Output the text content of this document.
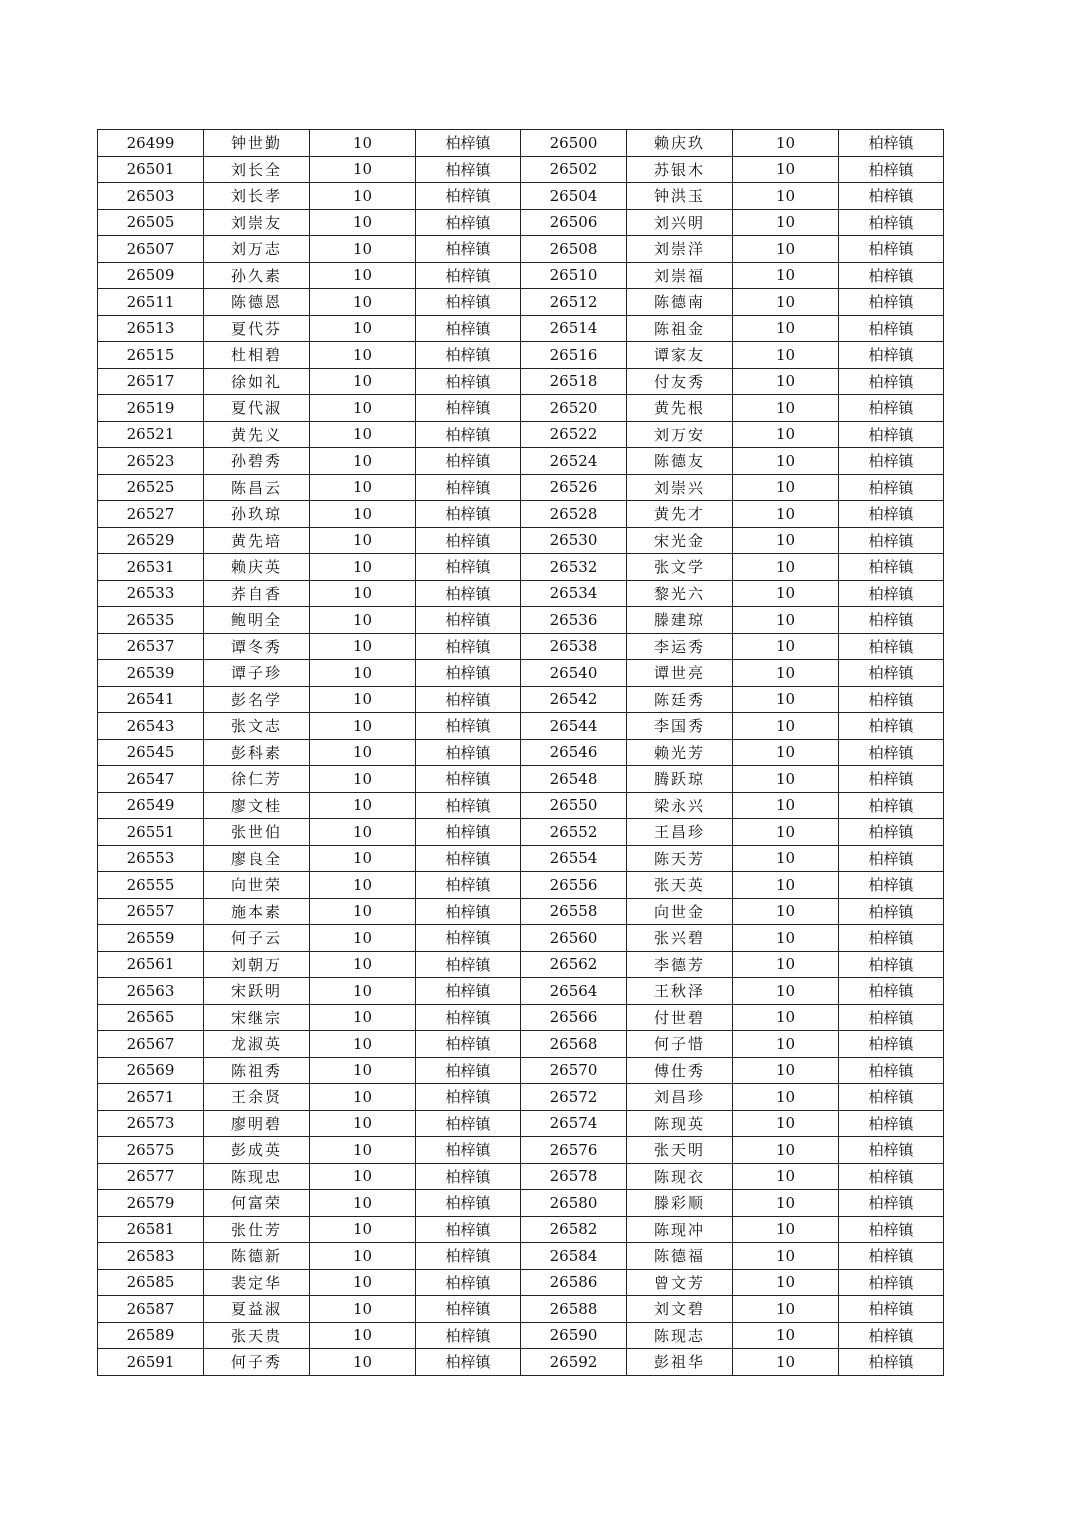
26499	钟世勤	10	柏梓镇	26500	赖庆玖	10	柏梓镇
26501	刘长全	10	柏梓镇	26502	苏银木	10	柏梓镇
26503	刘长孝	10	柏梓镇	26504	钟洪玉	10	柏梓镇
26505	刘崇友	10	柏梓镇	26506	刘兴明	10	柏梓镇
26507	刘万志	10	柏梓镇	26508	刘崇洋	10	柏梓镇
26509	孙久素	10	柏梓镇	26510	刘崇福	10	柏梓镇
26511	陈德恩	10	柏梓镇	26512	陈德南	10	柏梓镇
26513	夏代芬	10	柏梓镇	26514	陈祖金	10	柏梓镇
26515	杜相碧	10	柏梓镇	26516	谭家友	10	柏梓镇
26517	徐如礼	10	柏梓镇	26518	付友秀	10	柏梓镇
26519	夏代淑	10	柏梓镇	26520	黄先根	10	柏梓镇
26521	黄先义	10	柏梓镇	26522	刘万安	10	柏梓镇
26523	孙碧秀	10	柏梓镇	26524	陈德友	10	柏梓镇
26525	陈昌云	10	柏梓镇	26526	刘崇兴	10	柏梓镇
26527	孙玖琼	10	柏梓镇	26528	黄先才	10	柏梓镇
26529	黄先培	10	柏梓镇	26530	宋光金	10	柏梓镇
26531	赖庆英	10	柏梓镇	26532	张文学	10	柏梓镇
26533	荞自香	10	柏梓镇	26534	黎光六	10	柏梓镇
26535	鲍明全	10	柏梓镇	26536	滕建琼	10	柏梓镇
26537	谭冬秀	10	柏梓镇	26538	李运秀	10	柏梓镇
26539	谭子珍	10	柏梓镇	26540	谭世亮	10	柏梓镇
26541	彭名学	10	柏梓镇	26542	陈廷秀	10	柏梓镇
26543	张文志	10	柏梓镇	26544	李国秀	10	柏梓镇
26545	彭科素	10	柏梓镇	26546	赖光芳	10	柏梓镇
26547	徐仁芳	10	柏梓镇	26548	腾跃琼	10	柏梓镇
26549	廖文桂	10	柏梓镇	26550	梁永兴	10	柏梓镇
26551	张世伯	10	柏梓镇	26552	王昌珍	10	柏梓镇
26553	廖良全	10	柏梓镇	26554	陈天芳	10	柏梓镇
26555	向世荣	10	柏梓镇	26556	张天英	10	柏梓镇
26557	施本素	10	柏梓镇	26558	向世金	10	柏梓镇
26559	何子云	10	柏梓镇	26560	张兴碧	10	柏梓镇
26561	刘朝万	10	柏梓镇	26562	李德芳	10	柏梓镇
26563	宋跃明	10	柏梓镇	26564	王秋泽	10	柏梓镇
26565	宋继宗	10	柏梓镇	26566	付世碧	10	柏梓镇
26567	龙淑英	10	柏梓镇	26568	何子惜	10	柏梓镇
26569	陈祖秀	10	柏梓镇	26570	傅仕秀	10	柏梓镇
26571	王余贤	10	柏梓镇	26572	刘昌珍	10	柏梓镇
26573	廖明碧	10	柏梓镇	26574	陈现英	10	柏梓镇
26575	彭成英	10	柏梓镇	26576	张天明	10	柏梓镇
26577	陈现忠	10	柏梓镇	26578	陈现衣	10	柏梓镇
26579	何富荣	10	柏梓镇	26580	滕彩顺	10	柏梓镇
26581	张仕芳	10	柏梓镇	26582	陈现冲	10	柏梓镇
26583	陈德新	10	柏梓镇	26584	陈德福	10	柏梓镇
26585	裴定华	10	柏梓镇	26586	曾文芳	10	柏梓镇
26587	夏益淑	10	柏梓镇	26588	刘文碧	10	柏梓镇
26589	张天贵	10	柏梓镇	26590	陈现志	10	柏梓镇
26591	何子秀	10	柏梓镇	26592	彭祖华	10	柏梓镇
